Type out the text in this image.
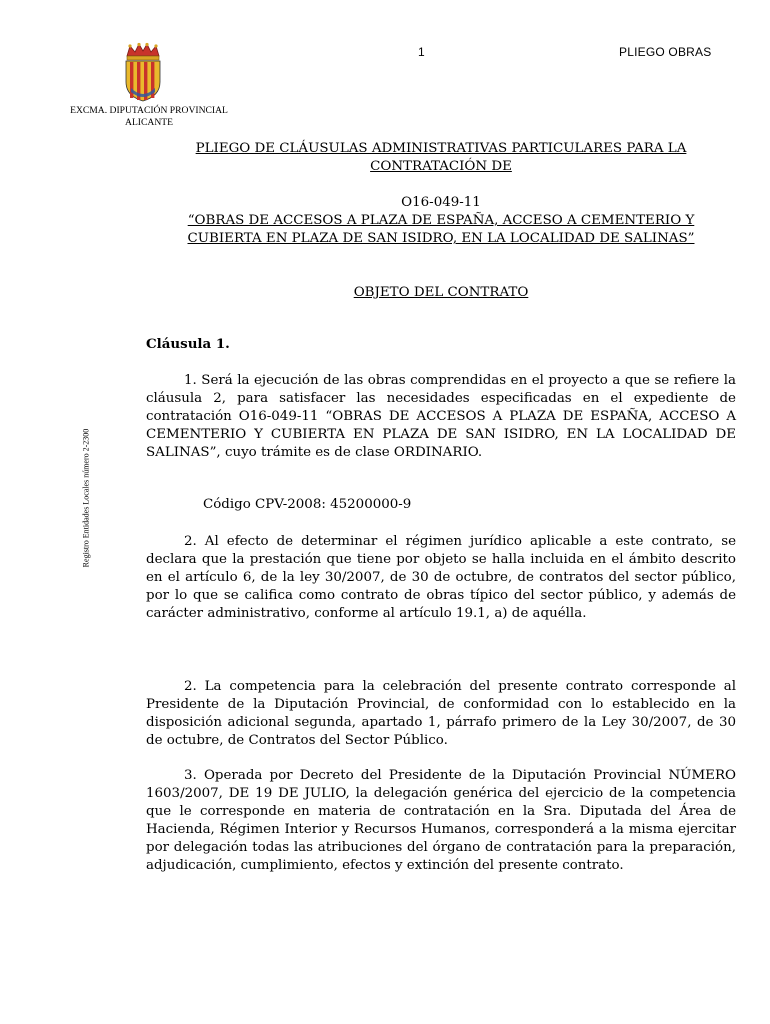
EXCMA. DIPUTACIÓN PROVINCIAL
ALICANTE
1	PLIEGO OBRAS
Registro Entidades Locales número 2-2300
PLIEGO DE CLÁUSULAS ADMINISTRATIVAS PARTICULARES PARA LA
CONTRATACIÓN DE
O16-049-11
“OBRAS DE ACCESOS A PLAZA DE ESPAÑA, ACCESO A CEMENTERIO Y
CUBIERTA EN PLAZA DE SAN ISIDRO, EN LA LOCALIDAD DE SALINAS”
OBJETO DEL CONTRATO
Cláusula 1.

1. Será la ejecución de las obras comprendidas en el proyecto a que se refiere la cláusula 2, para satisfacer las necesidades especificadas en el expediente de contratación O16-049-11 “OBRAS DE ACCESOS A PLAZA DE ESPAÑA, ACCESO A CEMENTERIO Y CUBIERTA EN PLAZA DE SAN ISIDRO, EN LA LOCALIDAD DE SALINAS”, cuyo trámite es de clase ORDINARIO.

Código CPV-2008: 45200000-9

2. Al efecto de determinar el régimen jurídico aplicable a este contrato, se declara que la prestación que tiene por objeto se halla incluida en el ámbito descrito en el artículo 6, de la ley 30/2007, de 30 de octubre, de contratos del sector público, por lo que se califica como contrato de obras típico del sector público, y además de carácter administrativo, conforme al artículo 19.1, a) de aquélla.

2. La competencia para la celebración del presente contrato corresponde al Presidente de la Diputación Provincial, de conformidad con lo establecido en la disposición adicional segunda, apartado 1, párrafo primero de la Ley 30/2007, de 30 de octubre, de Contratos del Sector Público.

3. Operada por Decreto del Presidente de la Diputación Provincial NÚMERO 1603/2007, DE 19 DE JULIO, la delegación genérica del ejercicio de la competencia que le corresponde en materia de contratación en la Sra. Diputada del Área de Hacienda, Régimen Interior y Recursos Humanos, corresponderá a la misma ejercitar por delegación todas las atribuciones del órgano de contratación para la preparación, adjudicación, cumplimiento, efectos y extinción del presente contrato.
